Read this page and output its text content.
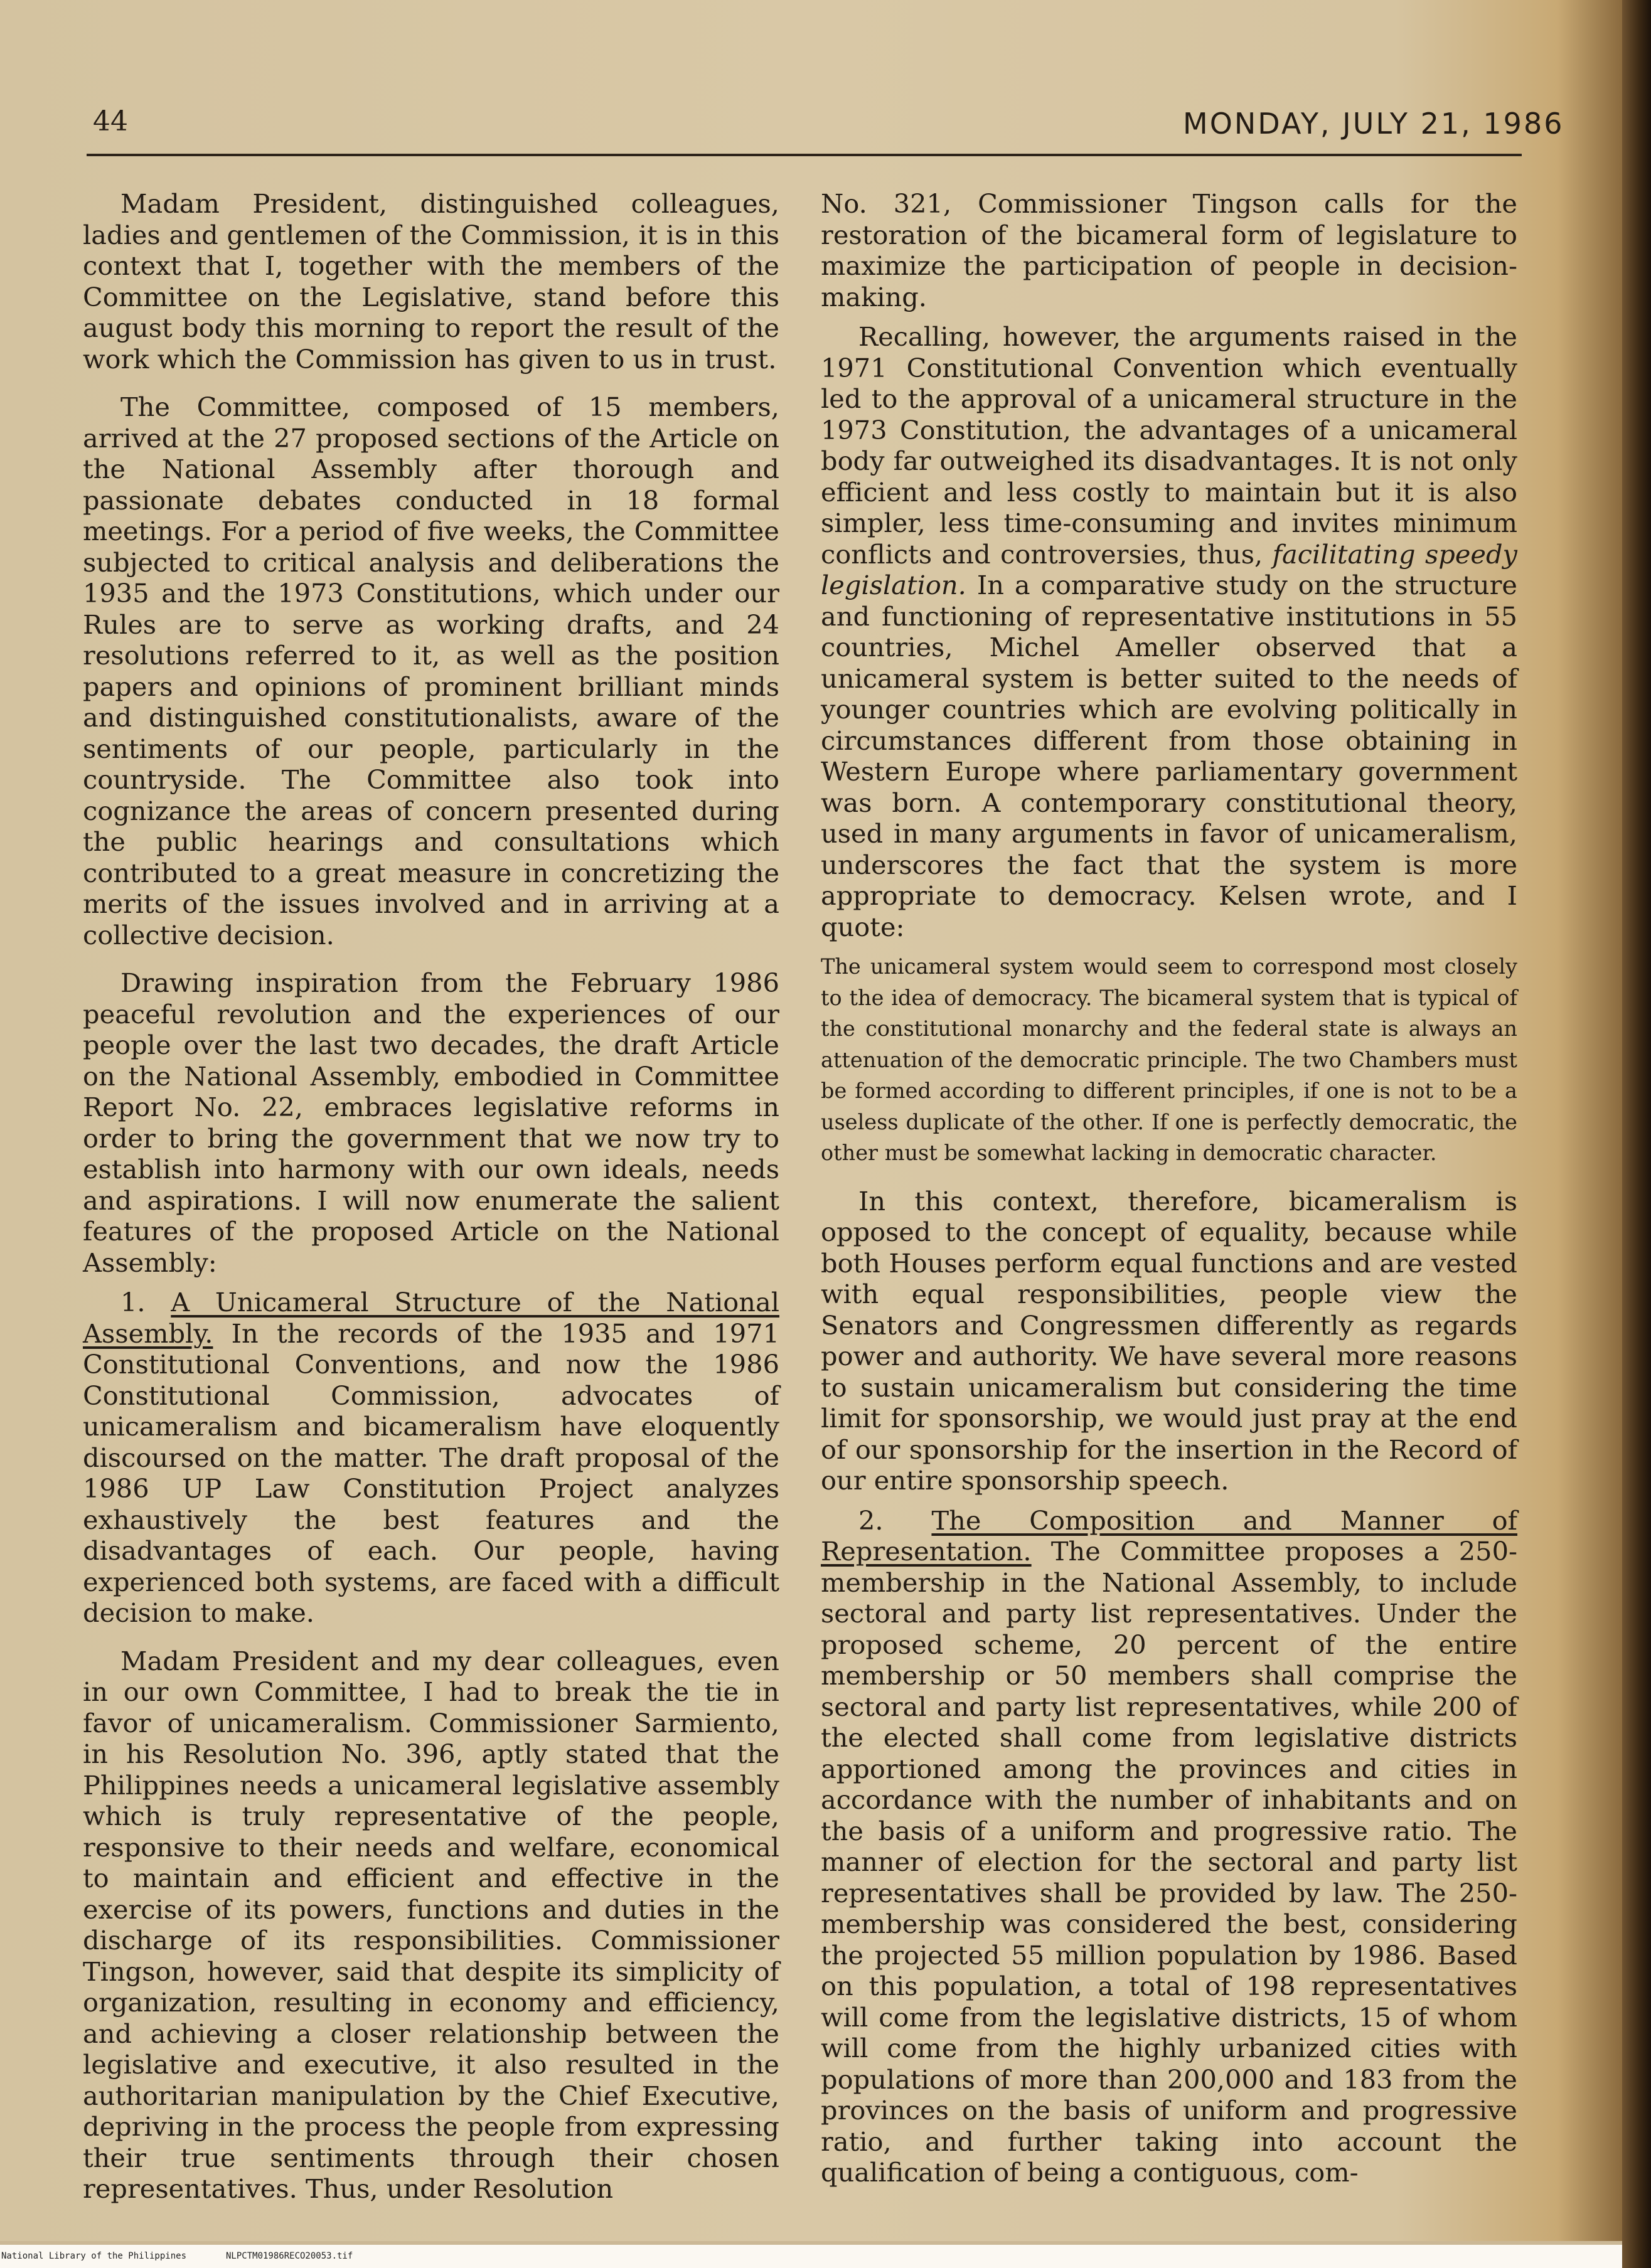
44	MONDAY, JULY 21, 1986

Madam President, distinguished colleagues, ladies and gentlemen of the Commission, it is in this context that I, together with the members of the Committee on the Legislative, stand before this august body this morning to report the result of the work which the Commission has given to us in trust.

The Committee, composed of 15 members, arrived at the 27 proposed sections of the Article on the National Assembly after thorough and passionate debates conducted in 18 formal meetings. For a period of five weeks, the Committee subjected to critical analysis and deliberations the 1935 and the 1973 Constitutions, which under our Rules are to serve as working drafts, and 24 resolutions referred to it, as well as the position papers and opinions of prominent brilliant minds and distinguished constitutionalists, aware of the sentiments of our people, particularly in the countryside. The Committee also took into cognizance the areas of concern presented during the public hearings and consultations which contributed to a great measure in concretizing the merits of the issues involved and in arriving at a collective decision.

Drawing inspiration from the February 1986 peaceful revolution and the experiences of our people over the last two decades, the draft Article on the National Assembly, embodied in Committee Report No. 22, embraces legislative reforms in order to bring the government that we now try to establish into harmony with our own ideals, needs and aspirations. I will now enumerate the salient features of the proposed Article on the National Assembly:

1. A Unicameral Structure of the National Assembly. In the records of the 1935 and 1971 Constitutional Conventions, and now the 1986 Constitutional Commission, advocates of unicameralism and bicameralism have eloquently discoursed on the matter. The draft proposal of the 1986 UP Law Constitution Project analyzes exhaustively the best features and the disadvantages of each. Our people, having experienced both systems, are faced with a difficult decision to make.

Madam President and my dear colleagues, even in our own Committee, I had to break the tie in favor of unicameralism. Commissioner Sarmiento, in his Resolution No. 396, aptly stated that the Philippines needs a unicameral legislative assembly which is truly representative of the people, responsive to their needs and welfare, economical to maintain and efficient and effective in the exercise of its powers, functions and duties in the discharge of its responsibilities. Commissioner Tingson, however, said that despite its simplicity of organization, resulting in economy and efficiency, and achieving a closer relationship between the legislative and executive, it also resulted in the authoritarian manipulation by the Chief Executive, depriving in the process the people from expressing their true sentiments through their chosen representatives. Thus, under Resolution

No. 321, Commissioner Tingson calls for the restoration of the bicameral form of legislature to maximize the participation of people in decision-making.

Recalling, however, the arguments raised in the 1971 Constitutional Convention which eventually led to the approval of a unicameral structure in the 1973 Constitution, the advantages of a unicameral body far outweighed its disadvantages. It is not only efficient and less costly to maintain but it is also simpler, less time-consuming and invites minimum conflicts and controversies, thus, facilitating speedy legislation. In a comparative study on the structure and functioning of representative institutions in 55 countries, Michel Ameller observed that a unicameral system is better suited to the needs of younger countries which are evolving politically in circumstances different from those obtaining in Western Europe where parliamentary government was born. A contemporary constitutional theory, used in many arguments in favor of unicameralism, underscores the fact that the system is more appropriate to democracy. Kelsen wrote, and I quote:

The unicameral system would seem to correspond most closely to the idea of democracy. The bicameral system that is typical of the constitutional monarchy and the federal state is always an attenuation of the democratic principle. The two Chambers must be formed according to different principles, if one is not to be a useless duplicate of the other. If one is perfectly democratic, the other must be somewhat lacking in democratic character.

In this context, therefore, bicameralism is opposed to the concept of equality, because while both Houses perform equal functions and are vested with equal responsibilities, people view the Senators and Congressmen differently as regards power and authority. We have several more reasons to sustain unicameralism but considering the time limit for sponsorship, we would just pray at the end of our sponsorship for the insertion in the Record of our entire sponsorship speech.

2. The Composition and Manner of Representation. The Committee proposes a 250-membership in the National Assembly, to include sectoral and party list representatives. Under the proposed scheme, 20 percent of the entire membership or 50 members shall comprise the sectoral and party list representatives, while 200 of the elected shall come from legislative districts apportioned among the provinces and cities in accordance with the number of inhabitants and on the basis of a uniform and progressive ratio. The manner of election for the sectoral and party list representatives shall be provided by law. The 250-membership was considered the best, considering the projected 55 million population by 1986. Based on this population, a total of 198 representatives will come from the legislative districts, 15 of whom will come from the highly urbanized cities with populations of more than 200,000 and 183 from the provinces on the basis of uniform and progressive ratio, and further taking into account the qualification of being a contiguous, com-

National Library of the Philippines	NLPCTM01986RECO20053.tif
